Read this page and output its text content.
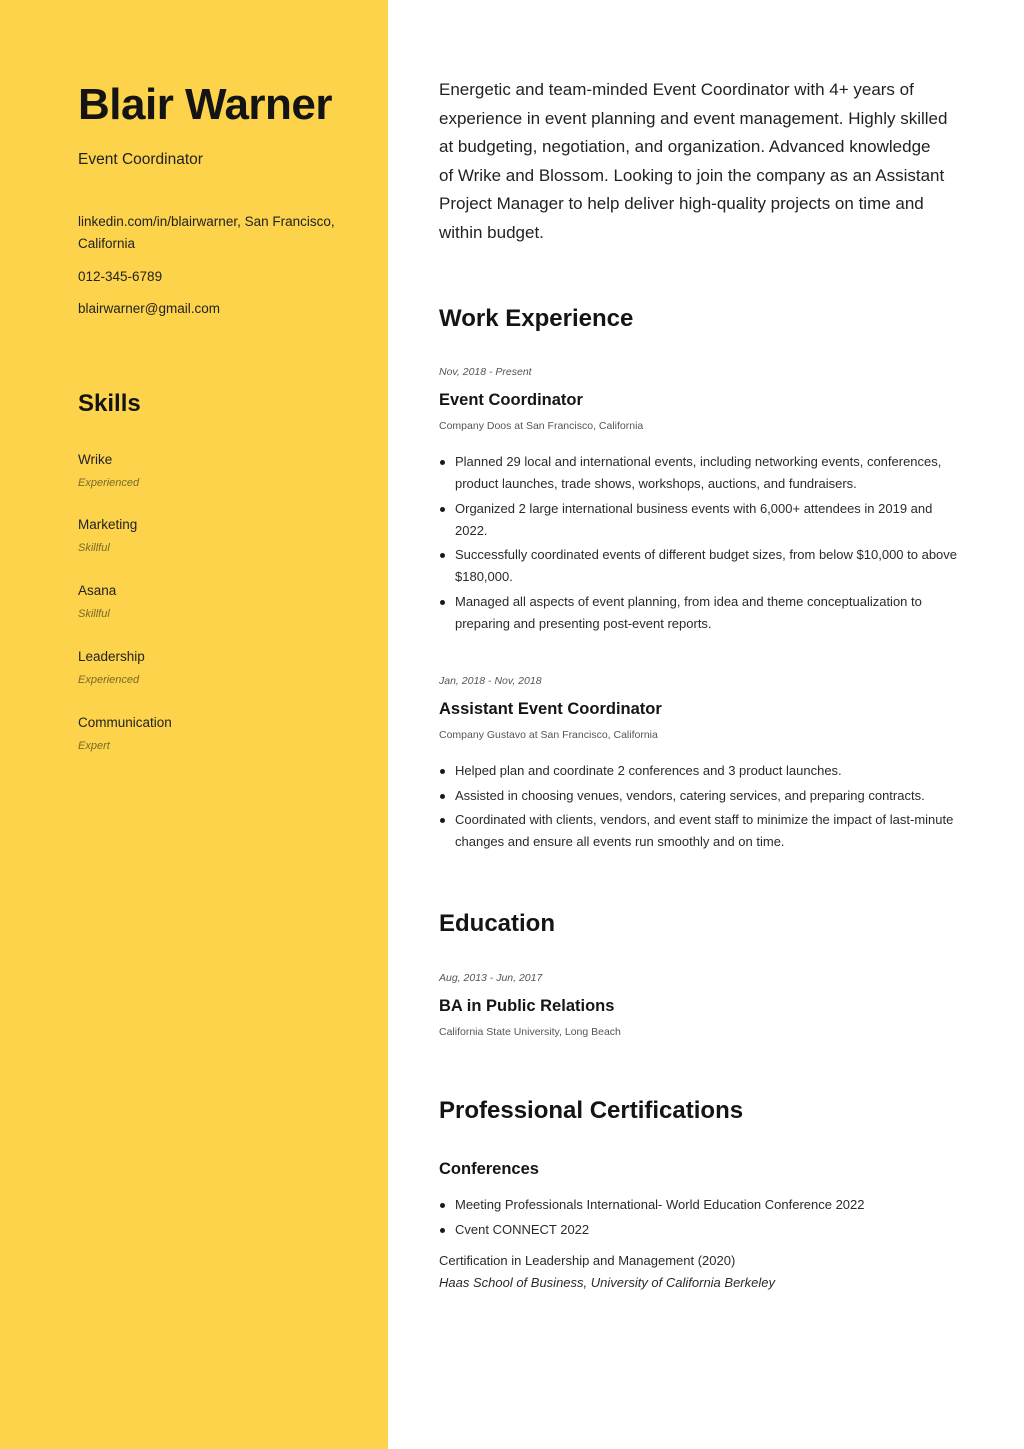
Blair Warner
Event Coordinator
linkedin.com/in/blairwarner, San Francisco, California
012-345-6789
blairwarner@gmail.com
Skills
Wrike
Experienced
Marketing
Skillful
Asana
Skillful
Leadership
Experienced
Communication
Expert

Energetic and team-minded Event Coordinator with 4+ years of experience in event planning and event management. Highly skilled at budgeting, negotiation, and organization. Advanced knowledge of Wrike and Blossom. Looking to join the company as an Assistant Project Manager to help deliver high-quality projects on time and within budget.

Work Experience
Nov, 2018 - Present
Event Coordinator
Company Doos at San Francisco, California
Planned 29 local and international events, including networking events, conferences, product launches, trade shows, workshops, auctions, and fundraisers.
Organized 2 large international business events with 6,000+ attendees in 2019 and 2022.
Successfully coordinated events of different budget sizes, from below $10,000 to above $180,000.
Managed all aspects of event planning, from idea and theme conceptualization to preparing and presenting post-event reports.
Jan, 2018 - Nov, 2018
Assistant Event Coordinator
Company Gustavo at San Francisco, California
Helped plan and coordinate 2 conferences and 3 product launches.
Assisted in choosing venues, vendors, catering services, and preparing contracts.
Coordinated with clients, vendors, and event staff to minimize the impact of last-minute changes and ensure all events run smoothly and on time.
Education
Aug, 2013 - Jun, 2017
BA in Public Relations
California State University, Long Beach
Professional Certifications
Conferences
Meeting Professionals International- World Education Conference 2022
Cvent CONNECT 2022
Certification in Leadership and Management (2020)
Haas School of Business, University of California Berkeley
